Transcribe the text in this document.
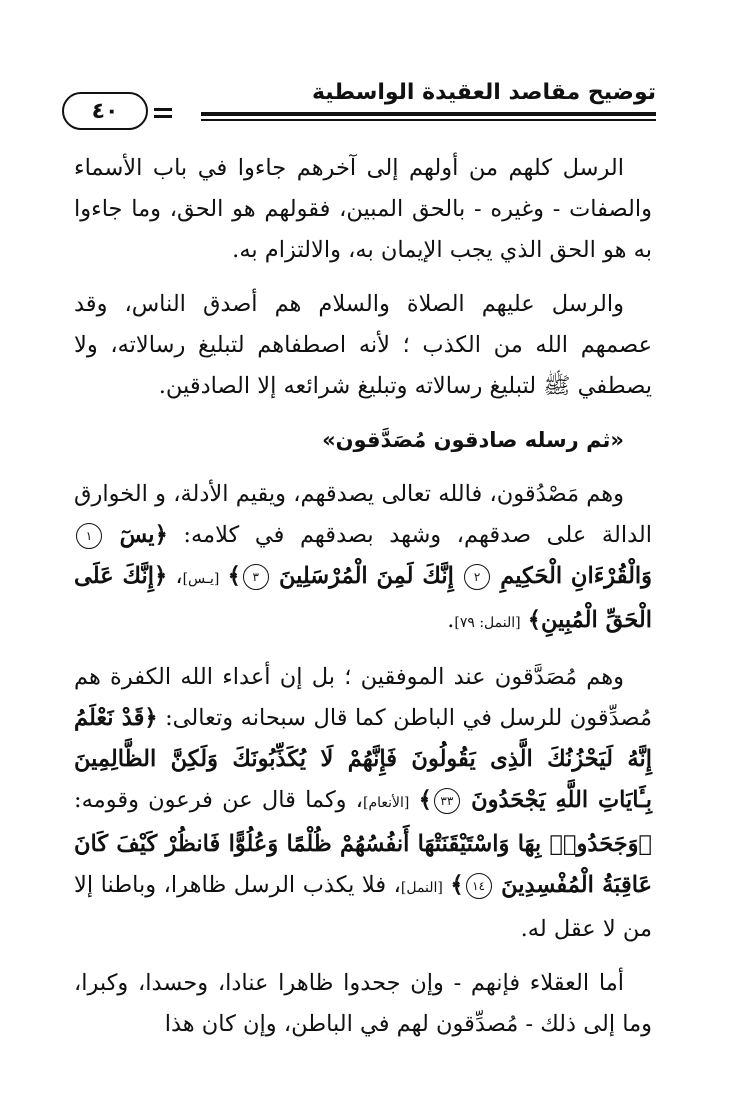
توضيح مقاصد العقيدة الواسطية
٤٠

الرسل كلهم من أولهم إلى آخرهم جاءوا في باب الأسماء والصفات - وغيره - بالحق المبين، فقولهم هو الحق، وما جاءوا به هو الحق الذي يجب الإيمان به، والالتزام به.

والرسل عليهم الصلاة والسلام هم أصدق الناس، وقد عصمهم الله من الكذب ؛ لأنه اصطفاهم لتبليغ رسالاته، ولا يصطفي ﷺ لتبليغ رسالاته وتبليغ شرائعه إلا الصادقين.

«ثم رسله صادقون مُصَدَّقون»

وهم مَصْدُقون، فالله تعالى يصدقهم، ويقيم الأدلة، و الخوارق الدالة على صدقهم، وشهد بصدقهم في كلامه: ﴿يسٓ ١ وَالْقُرْءَانِ الْحَكِيمِ ٢ إِنَّكَ لَمِنَ الْمُرْسَلِينَ ٣﴾ [يـس]، ﴿إِنَّكَ عَلَى الْحَقِّ الْمُبِينِ﴾ [النمل: ٧٩].

وهم مُصَدَّقون عند الموفقين ؛ بل إن أعداء الله الكفرة هم مُصدِّقون للرسل في الباطن كما قال سبحانه وتعالى: ﴿قَدْ نَعْلَمُ إِنَّهُ لَيَحْزُنُكَ الَّذِى يَقُولُونَ فَإِنَّهُمْ لَا يُكَذِّبُونَكَ وَلَكِنَّ الظَّالِمِينَ بِـَٔايَاتِ اللَّهِ يَجْحَدُونَ ٣٣﴾ [الأنعام]، وكما قال عن فرعون وقومه: ﴿وَجَحَدُوا۟ بِهَا وَاسْتَيْقَنَتْهَا أَنفُسُهُمْ ظُلْمًا وَعُلُوًّا فَانظُرْ كَيْفَ كَانَ عَاقِبَةُ الْمُفْسِدِينَ ١٤﴾ [النمل]، فلا يكذب الرسل ظاهرا، وباطنا إلا من لا عقل له.

أما العقلاء فإنهم - وإن جحدوا ظاهرا عنادا، وحسدا، وكبرا، وما إلى ذلك - مُصدِّقون لهم في الباطن، وإن كان هذا
